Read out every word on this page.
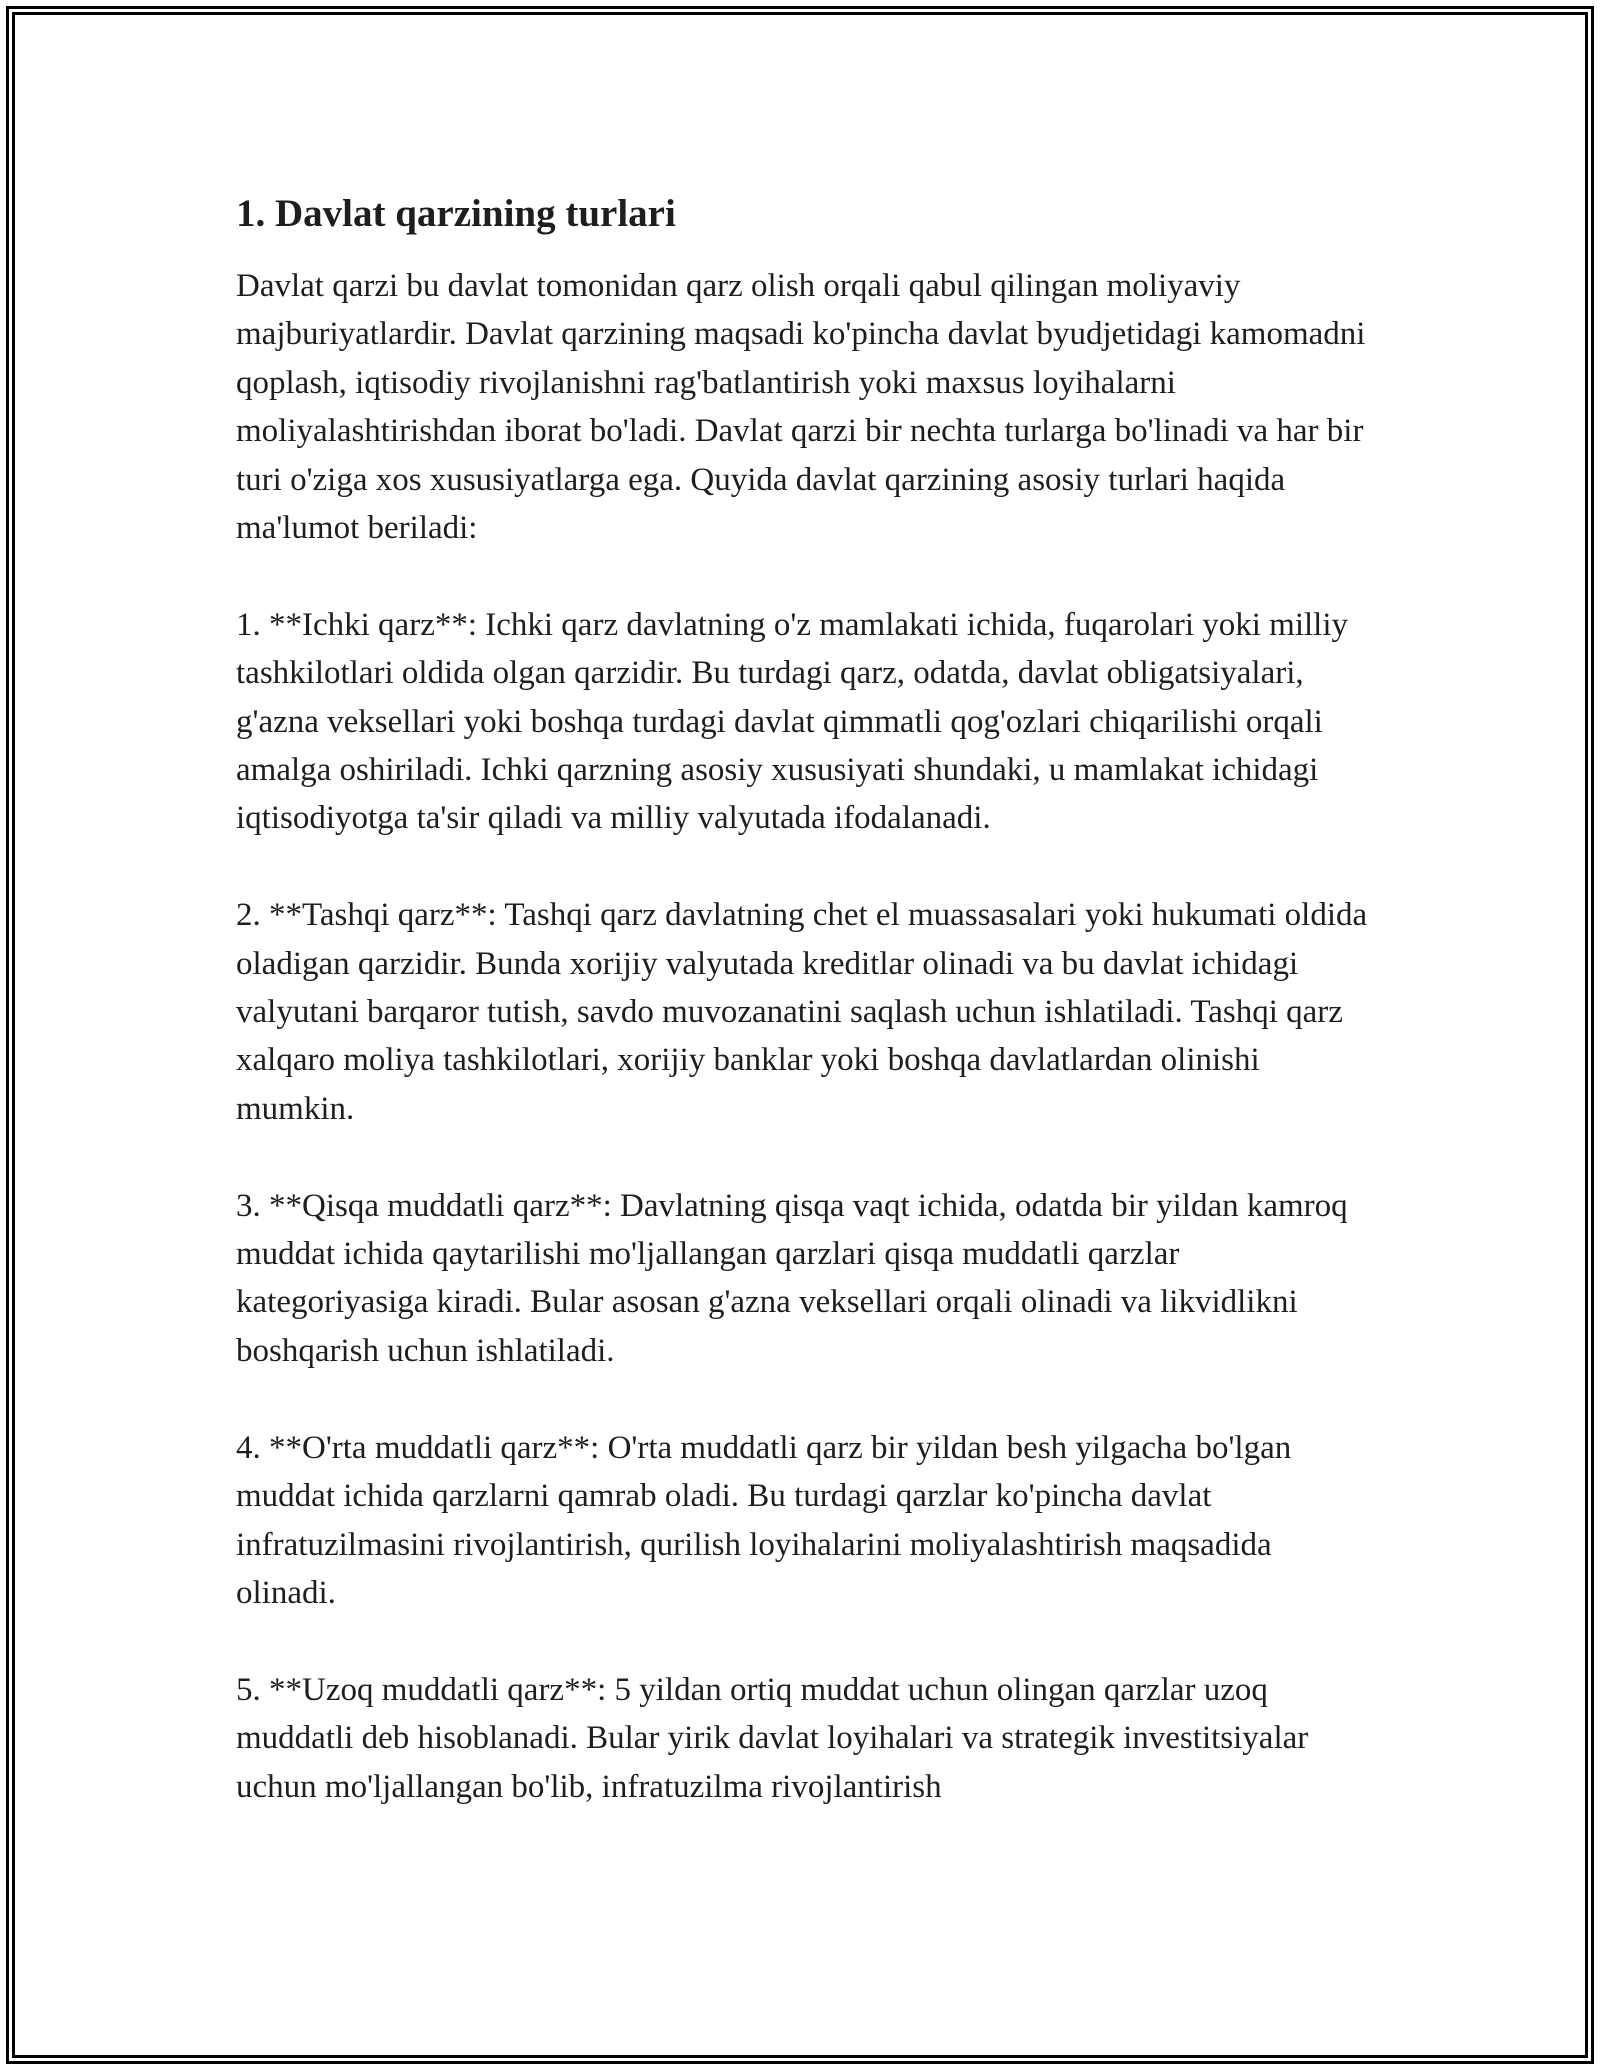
1. Davlat qarzining turlari

Davlat qarzi bu davlat tomonidan qarz olish orqali qabul qilingan moliyaviy majburiyatlardir. Davlat qarzining maqsadi ko'pincha davlat byudjetidagi kamomadni qoplash, iqtisodiy rivojlanishni rag'batlantirish yoki maxsus loyihalarni moliyalashtirishdan iborat bo'ladi. Davlat qarzi bir nechta turlarga bo'linadi va har bir turi o'ziga xos xususiyatlarga ega. Quyida davlat qarzining asosiy turlari haqida ma'lumot beriladi:

1. **Ichki qarz**: Ichki qarz davlatning o'z mamlakati ichida, fuqarolari yoki milliy tashkilotlari oldida olgan qarzidir. Bu turdagi qarz, odatda, davlat obligatsiyalari, g'azna veksellari yoki boshqa turdagi davlat qimmatli qog'ozlari chiqarilishi orqali amalga oshiriladi. Ichki qarzning asosiy xususiyati shundaki, u mamlakat ichidagi iqtisodiyotga ta'sir qiladi va milliy valyutada ifodalanadi.

2. **Tashqi qarz**: Tashqi qarz davlatning chet el muassasalari yoki hukumati oldida oladigan qarzidir. Bunda xorijiy valyutada kreditlar olinadi va bu davlat ichidagi valyutani barqaror tutish, savdo muvozanatini saqlash uchun ishlatiladi. Tashqi qarz xalqaro moliya tashkilotlari, xorijiy banklar yoki boshqa davlatlardan olinishi mumkin.

3. **Qisqa muddatli qarz**: Davlatning qisqa vaqt ichida, odatda bir yildan kamroq muddat ichida qaytarilishi mo'ljallangan qarzlari qisqa muddatli qarzlar kategoriyasiga kiradi. Bular asosan g'azna veksellari orqali olinadi va likvidlikni boshqarish uchun ishlatiladi.

4. **O'rta muddatli qarz**: O'rta muddatli qarz bir yildan besh yilgacha bo'lgan muddat ichida qarzlarni qamrab oladi. Bu turdagi qarzlar ko'pincha davlat infratuzilmasini rivojlantirish, qurilish loyihalarini moliyalashtirish maqsadida olinadi.

5. **Uzoq muddatli qarz**: 5 yildan ortiq muddat uchun olingan qarzlar uzoq muddatli deb hisoblanadi. Bular yirik davlat loyihalari va strategik investitsiyalar uchun mo'ljallangan bo'lib, infratuzilma rivojlantirish
